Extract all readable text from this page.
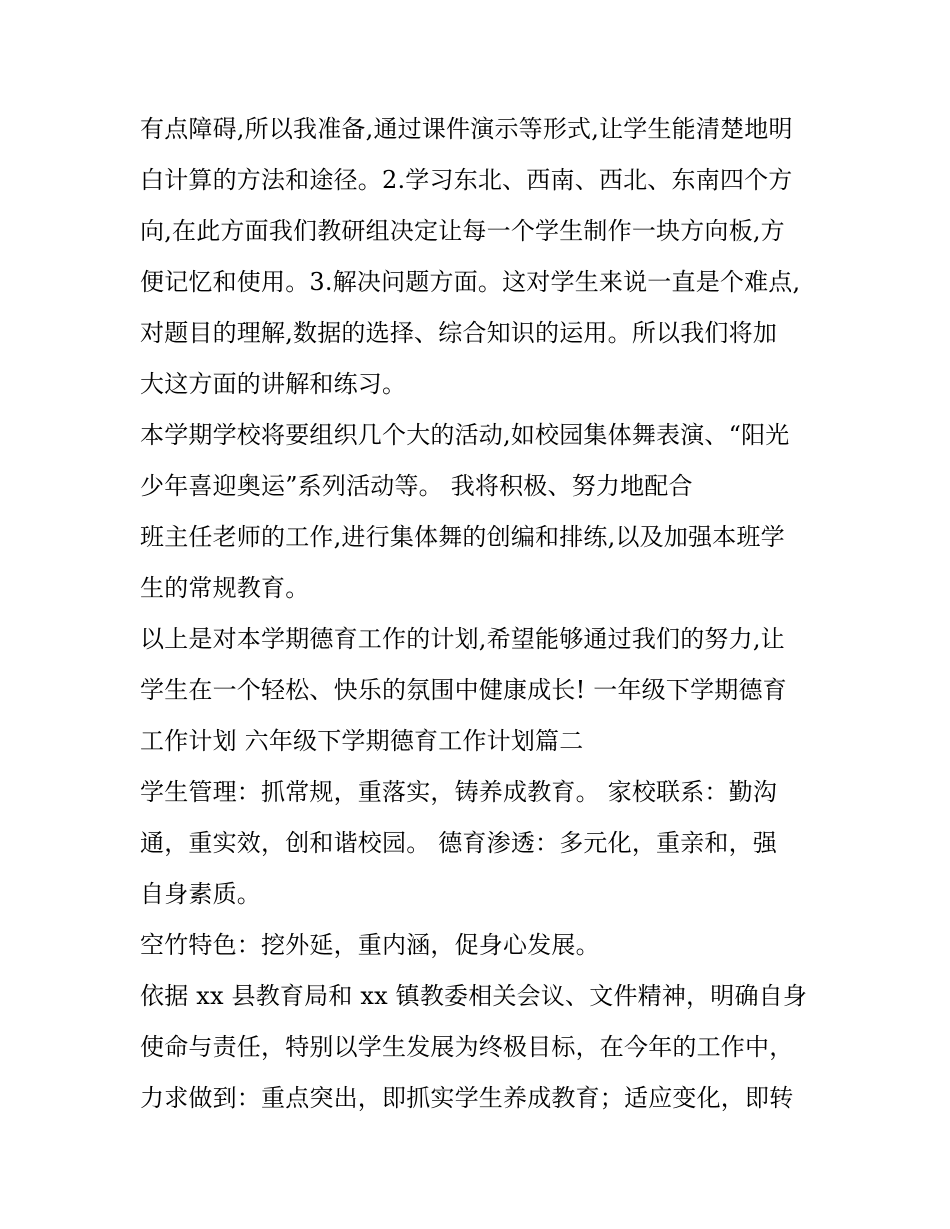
有点障碍,所以我准备,通过课件演示等形式,让学生能清楚地明
白计算的方法和途径。2.学习东北、西南、西北、东南四个方
向,在此方面我们教研组决定让每一个学生制作一块方向板,方
便记忆和使用。3.解决问题方面。这对学生来说一直是个难点,
对题目的理解,数据的选择、综合知识的运用。所以我们将加
大这方面的讲解和练习。
本学期学校将要组织几个大的活动,如校园集体舞表演、“阳光
少年喜迎奥运”系列活动等。 我将积极、努力地配合
班主任老师的工作,进行集体舞的创编和排练,以及加强本班学
生的常规教育。
以上是对本学期德育工作的计划,希望能够通过我们的努力,让
学生在一个轻松、快乐的氛围中健康成长! 一年级下学期德育
工作计划 六年级下学期德育工作计划篇二
学生管理：抓常规，重落实，铸养成教育。 家校联系：勤沟
通，重实效，创和谐校园。 德育渗透：多元化，重亲和，强
自身素质。
空竹特色：挖外延，重内涵，促身心发展。
依据 xx 县教育局和 xx 镇教委相关会议、文件精神，明确自身
使命与责任，特别以学生发展为终极目标，在今年的工作中，
力求做到：重点突出，即抓实学生养成教育；适应变化，即转
